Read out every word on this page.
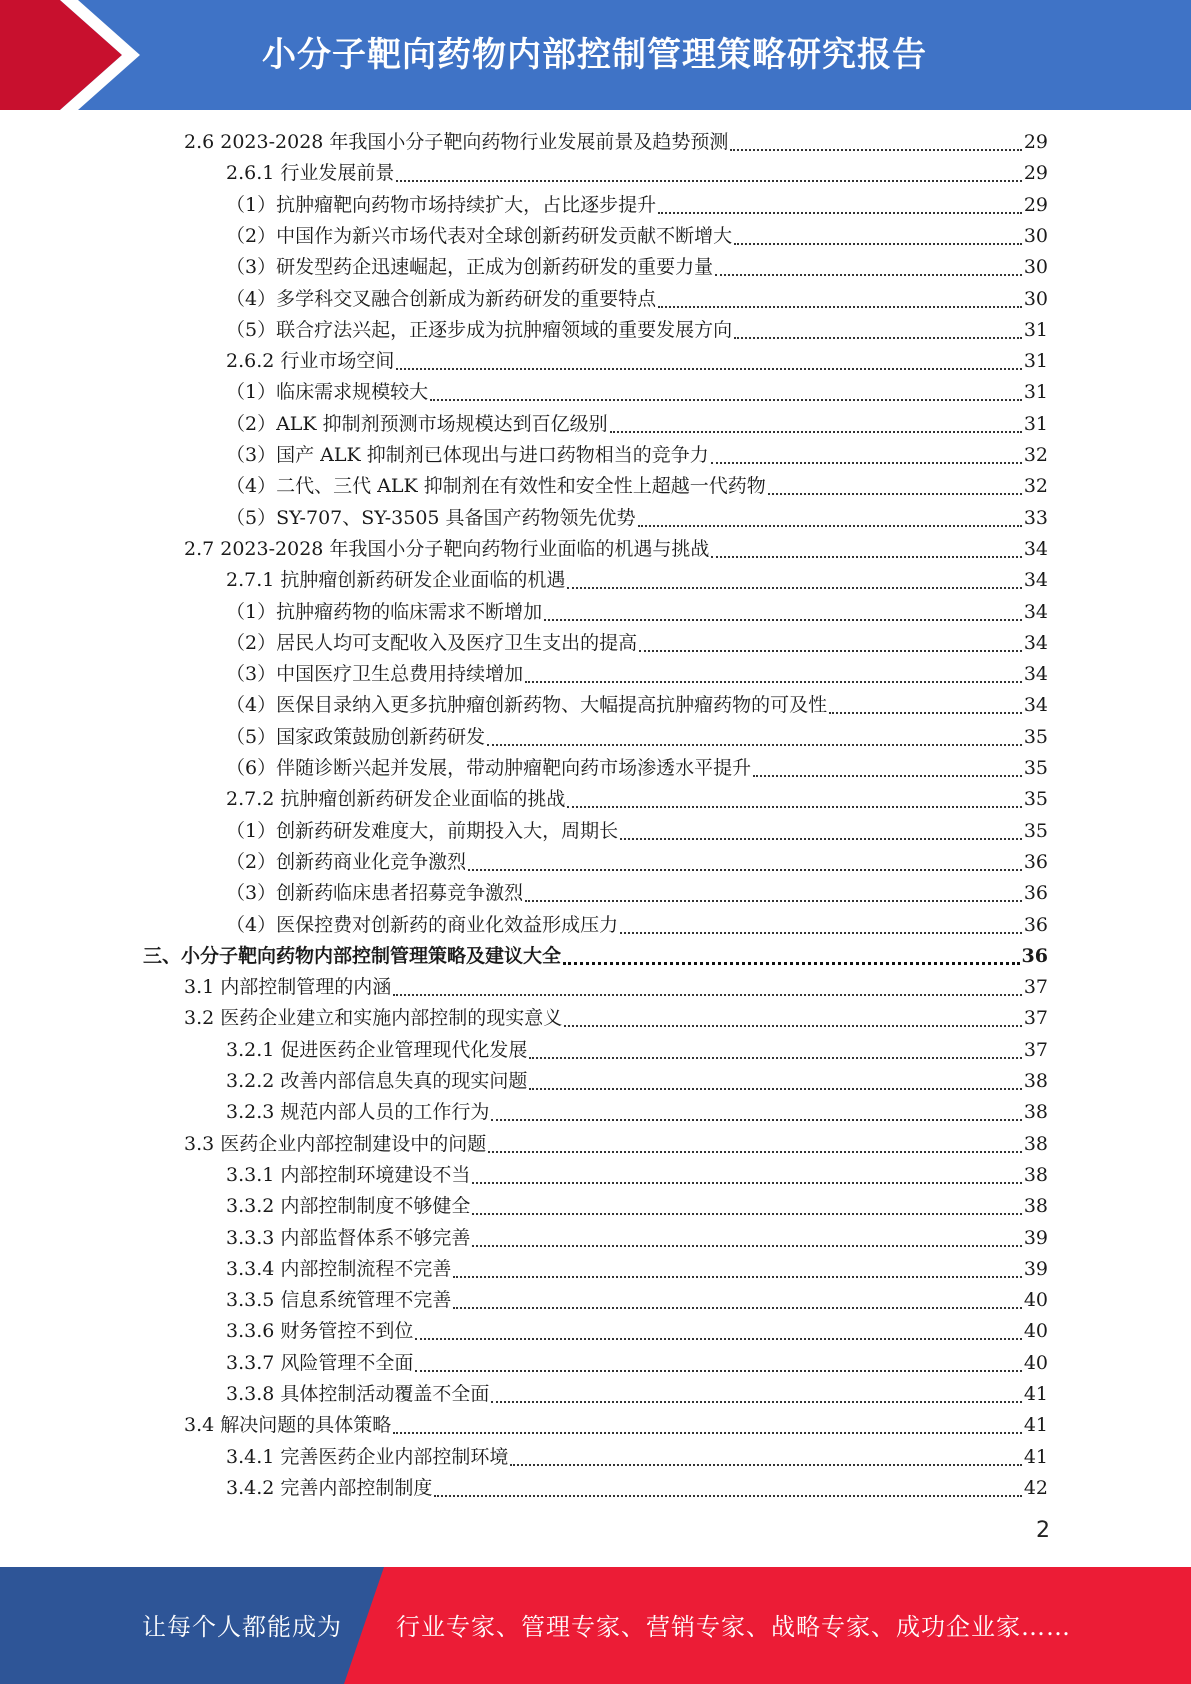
小分子靶向药物内部控制管理策略研究报告
2.6 2023-2028 年我国小分子靶向药物行业发展前景及趋势预测	29
2.6.1 行业发展前景	29
（1）抗肿瘤靶向药物市场持续扩大，占比逐步提升	29
（2）中国作为新兴市场代表对全球创新药研发贡献不断增大	30
（3）研发型药企迅速崛起，正成为创新药研发的重要力量	30
（4）多学科交叉融合创新成为新药研发的重要特点	30
（5）联合疗法兴起，正逐步成为抗肿瘤领域的重要发展方向	31
2.6.2 行业市场空间	31
（1）临床需求规模较大	31
（2）ALK 抑制剂预测市场规模达到百亿级别	31
（3）国产 ALK 抑制剂已体现出与进口药物相当的竞争力	32
（4）二代、三代 ALK 抑制剂在有效性和安全性上超越一代药物	32
（5）SY-707、SY-3505 具备国产药物领先优势	33
2.7 2023-2028 年我国小分子靶向药物行业面临的机遇与挑战	34
2.7.1 抗肿瘤创新药研发企业面临的机遇	34
（1）抗肿瘤药物的临床需求不断增加	34
（2）居民人均可支配收入及医疗卫生支出的提高	34
（3）中国医疗卫生总费用持续增加	34
（4）医保目录纳入更多抗肿瘤创新药物、大幅提高抗肿瘤药物的可及性	34
（5）国家政策鼓励创新药研发	35
（6）伴随诊断兴起并发展，带动肿瘤靶向药市场渗透水平提升	35
2.7.2 抗肿瘤创新药研发企业面临的挑战	35
（1）创新药研发难度大，前期投入大，周期长	35
（2）创新药商业化竞争激烈	36
（3）创新药临床患者招募竞争激烈	36
（4）医保控费对创新药的商业化效益形成压力	36
三、小分子靶向药物内部控制管理策略及建议大全	36
3.1 内部控制管理的内涵	37
3.2 医药企业建立和实施内部控制的现实意义	37
3.2.1 促进医药企业管理现代化发展	37
3.2.2 改善内部信息失真的现实问题	38
3.2.3 规范内部人员的工作行为	38
3.3 医药企业内部控制建设中的问题	38
3.3.1 内部控制环境建设不当	38
3.3.2 内部控制制度不够健全	38
3.3.3 内部监督体系不够完善	39
3.3.4 内部控制流程不完善	39
3.3.5 信息系统管理不完善	40
3.3.6 财务管控不到位	40
3.3.7 风险管理不全面	40
3.3.8 具体控制活动覆盖不全面	41
3.4 解决问题的具体策略	41
3.4.1 完善医药企业内部控制环境	41
3.4.2 完善内部控制制度	42
2
让每个人都能成为 行业专家、管理专家、营销专家、战略专家、成功企业家……
